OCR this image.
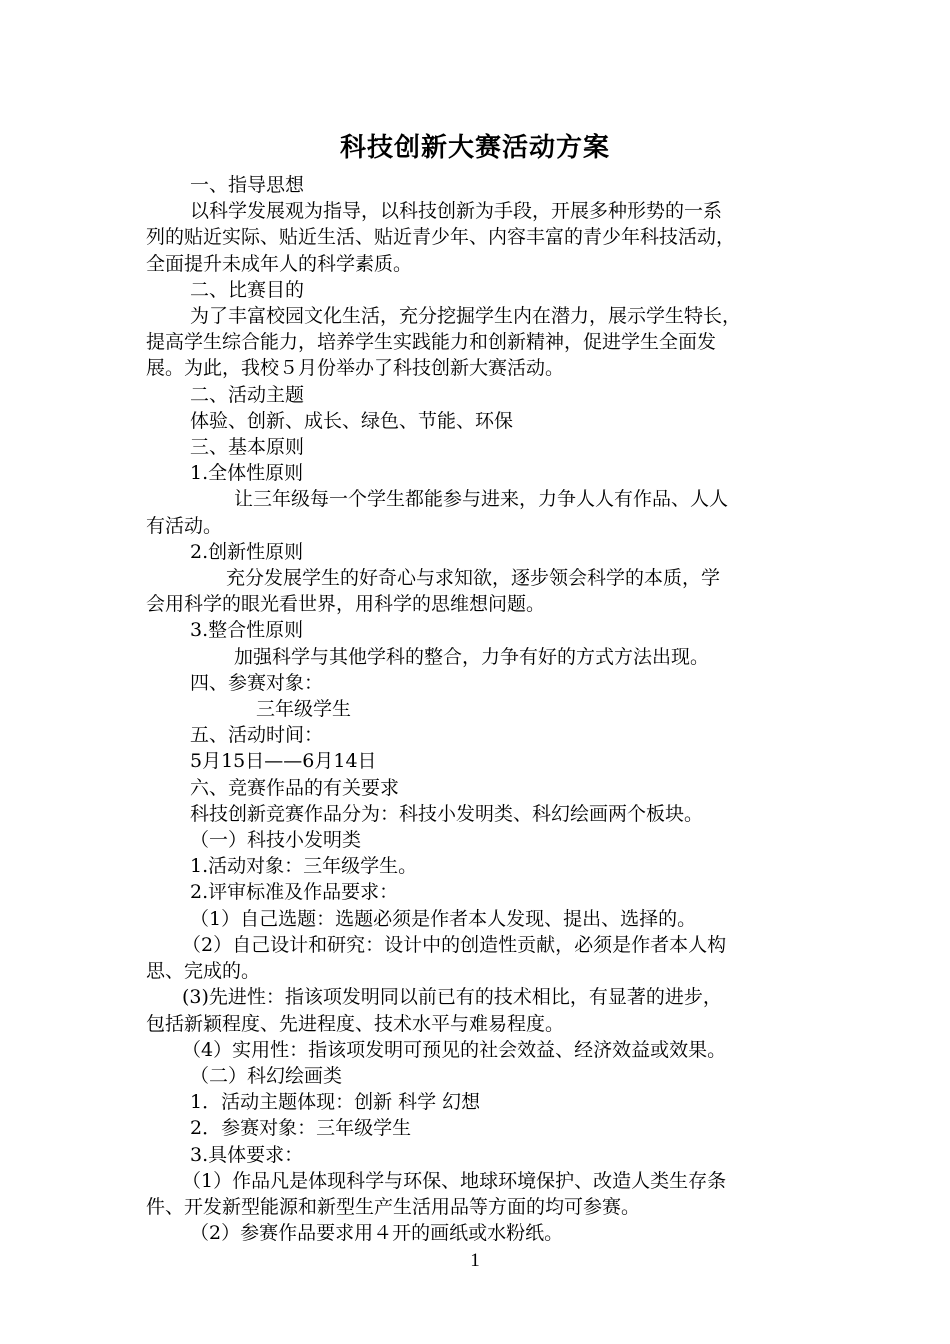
科技创新大赛活动方案

一、指导思想

以科学发展观为指导，以科技创新为手段，开展多种形势的一系

列的贴近实际、贴近生活、贴近青少年、内容丰富的青少年科技活动，

全面提升未成年人的科学素质。

二、比赛目的

为了丰富校园文化生活，充分挖掘学生内在潜力，展示学生特长，

提高学生综合能力，培养学生实践能力和创新精神，促进学生全面发

展。为此，我校５月份举办了科技创新大赛活动。

二、活动主题

体验、创新、成长、绿色、节能、环保

三、基本原则

1.全体性原则

让三年级每一个学生都能参与进来，力争人人有作品、人人

有活动。

2.创新性原则

充分发展学生的好奇心与求知欲，逐步领会科学的本质，学

会用科学的眼光看世界，用科学的思维想问题。

3.整合性原则

加强科学与其他学科的整合，力争有好的方式方法出现。

四、参赛对象：

三年级学生

五、活动时间：

5月15日——6月14日

六、竞赛作品的有关要求

科技创新竞赛作品分为：科技小发明类、科幻绘画两个板块。

（一）科技小发明类

1.活动对象：三年级学生。

2.评审标准及作品要求：

（1）自己选题：选题必须是作者本人发现、提出、选择的。

（2）自己设计和研究：设计中的创造性贡献，必须是作者本人构

思、完成的。

(3)先进性：指该项发明同以前已有的技术相比，有显著的进步，

包括新颖程度、先进程度、技术水平与难易程度。

（4）实用性：指该项发明可预见的社会效益、经济效益或效果。

（二）科幻绘画类

1．活动主题体现：创新 科学 幻想

2．参赛对象：三年级学生

3.具体要求：

（1）作品凡是体现科学与环保、地球环境保护、改造人类生存条

件、开发新型能源和新型生产生活用品等方面的均可参赛。

（2）参赛作品要求用４开的画纸或水粉纸。

1
